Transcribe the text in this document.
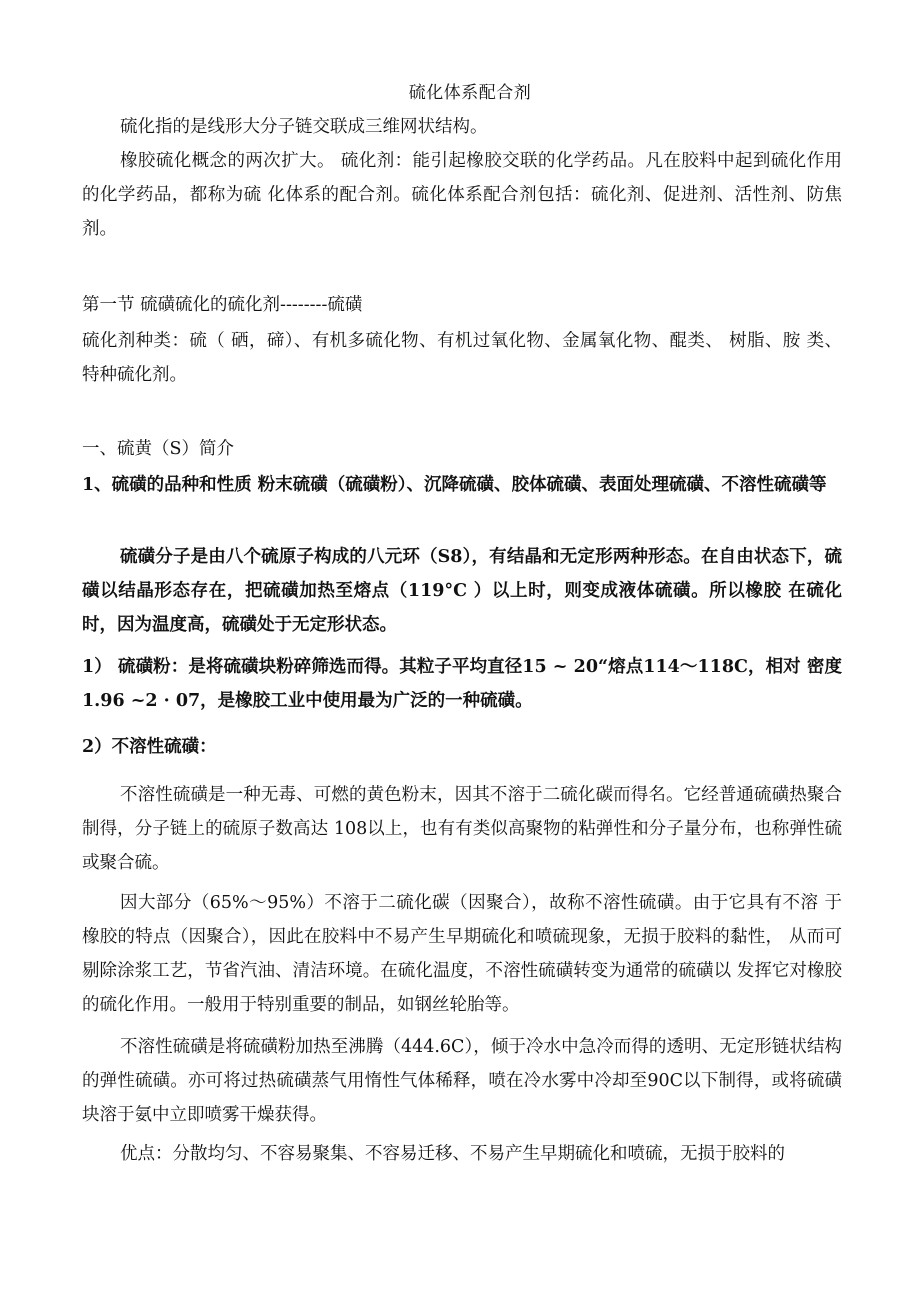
硫化体系配合剂

硫化指的是线形大分子链交联成三维网状结构。

橡胶硫化概念的两次扩大。 硫化剂：能引起橡胶交联的化学药品。凡在胶料中起到硫化作用的化学药品，都称为硫 化体系的配合剂。硫化体系配合剂包括：硫化剂、促进剂、活性剂、防焦剂。

第一节 硫磺硫化的硫化剂--------硫磺

硫化剂种类：硫（ 硒，碲）、有机多硫化物、有机过氧化物、金属氧化物、醌类、 树脂、胺 类、特种硫化剂。

一、硫黄（S）简介

1、硫磺的品种和性质 粉末硫磺（硫磺粉）、沉降硫磺、胶体硫磺、表面处理硫磺、不溶性硫磺等

硫磺分子是由八个硫原子构成的八元环（S8），有结晶和无定形两种形态。在自由状态下，硫磺以结晶形态存在，把硫磺加热至熔点（119°C ）以上时，则变成液体硫磺。所以橡胶 在硫化时，因为温度高，硫磺处于无定形状态。

1） 硫磺粉：是将硫磺块粉碎筛选而得。其粒子平均直径15 ~ 20“熔点114～118C，相对 密度1.96 ~2 · 07，是橡胶工业中使用最为广泛的一种硫磺。

2）不溶性硫磺：

不溶性硫磺是一种无毒、可燃的黄色粉末，因其不溶于二硫化碳而得名。它经普通硫磺热聚合制得，分子链上的硫原子数高达 108以上，也有有类似高聚物的粘弹性和分子量分布，也称弹性硫或聚合硫。

因大部分（65%～95%）不溶于二硫化碳（因聚合），故称不溶性硫磺。由于它具有不溶 于橡胶的特点（因聚合），因此在胶料中不易产生早期硫化和喷硫现象，无损于胶料的黏性， 从而可剔除涂浆工艺，节省汽油、清洁环境。在硫化温度，不溶性硫磺转变为通常的硫磺以 发挥它对橡胶的硫化作用。一般用于特别重要的制品，如钢丝轮胎等。

不溶性硫磺是将硫磺粉加热至沸腾（444.6C），倾于冷水中急冷而得的透明、无定形链状结构的弹性硫磺。亦可将过热硫磺蒸气用惰性气体稀释，喷在冷水雾中冷却至90C以下制得，或将硫磺块溶于氨中立即喷雾干燥获得。

优点：分散均匀、不容易聚集、不容易迁移、不易产生早期硫化和喷硫，无损于胶料的
